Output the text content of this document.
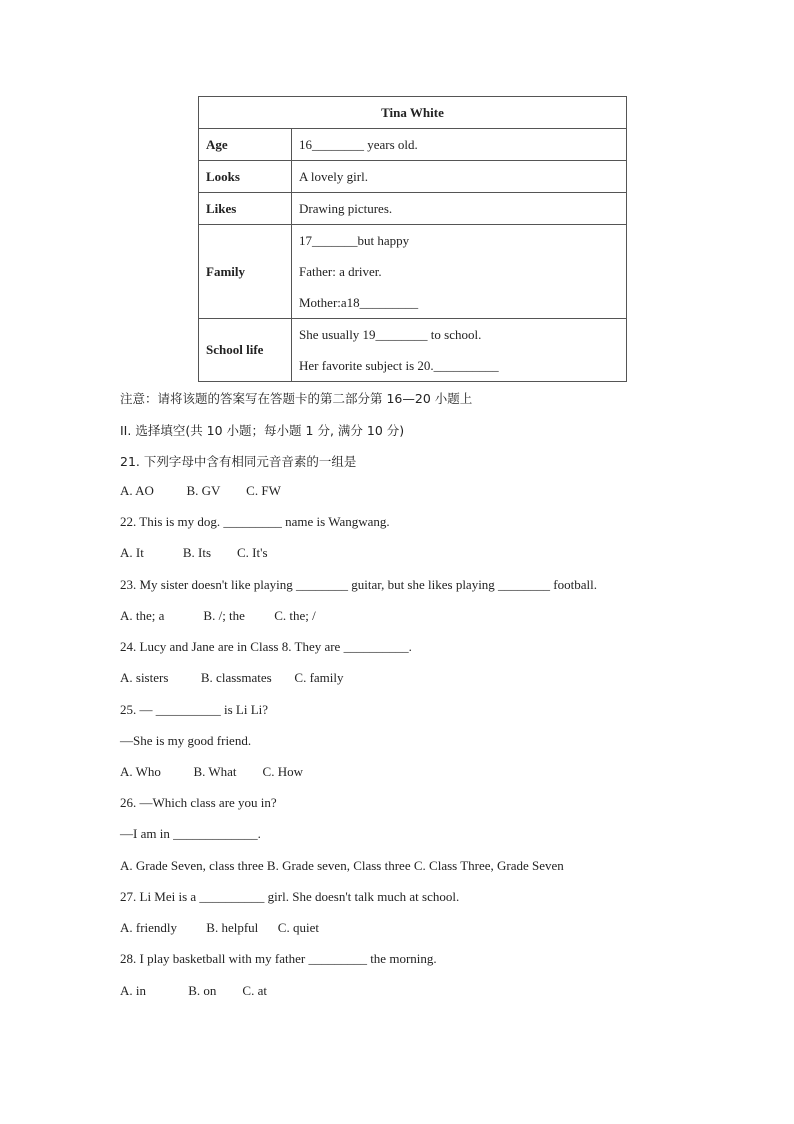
Tina White	
Age	16________ years old.
Looks	A lovely girl.
Likes	Drawing pictures.
Family	17_______but happy
Father: a driver.
Mother:a18_________

School life	She usually 19________ to school.
Her favorite subject is 20.__________
注意：请将该题的答案写在答题卡的第二部分第 16—20 小题上
II. 选择填空(共 10 小题；每小题 1 分, 满分 10 分)
21. 下列字母中含有相同元音音素的一组是
A. AO	B. GV C. FW
22. This is my dog. _________ name is Wangwang.
A. It	B. Its C. It's
23. My sister doesn't like playing ________ guitar, but she likes playing ________ football.
A. the; a	B. /; the C. the; /
24. Lucy and Jane are in Class 8. They are __________.
A. sisters	B. classmates C. family
25. — __________ is Li Li?
—She is my good friend.
A. Who	B. What C. How
26. —Which class are you in?
—I am in _____________.
A. Grade Seven, class three B. Grade seven, Class three C. Class Three, Grade Seven
27. Li Mei is a __________ girl. She doesn't talk much at school.
A. friendly B. helpful C. quiet
28. I play basketball with my father _________ the morning.
A. in	B. on C. at
